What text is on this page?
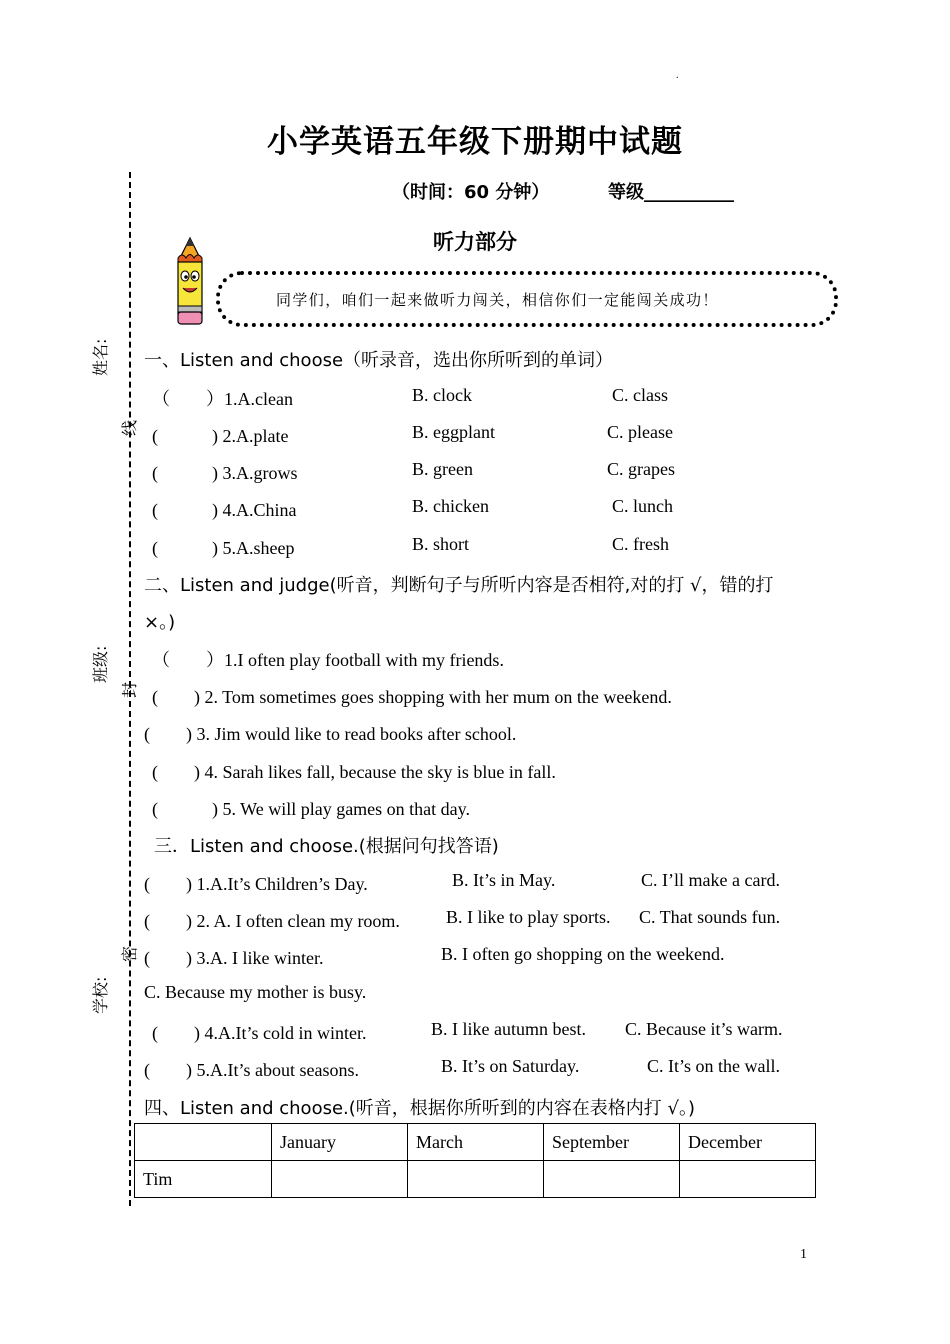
.
小学英语五年级下册期中试题
（时间：60 分钟）	等级__________
听力部分
同学们，咱们一起来做听力闯关，相信你们一定能闯关成功！
姓名:
线
班级:
封
密
学校:
一、Listen and choose（听录音，选出你所听到的单词）
（　　）1.A.clean	B. clock	C. class
(　　　) 2.A.plate	B. eggplant	C. please
(　　　) 3.A.grows	B. green	C. grapes
(　　　) 4.A.China	B. chicken	C. lunch
(　　　) 5.A.sheep	B. short	C. fresh
二、Listen and judge(听音，判断句子与所听内容是否相符,对的打 √，错的打
×。)
（　　）1.I often play football with my friends.
(　　) 2. Tom sometimes goes shopping with her mum on the weekend.
(　　) 3. Jim would like to read books after school.
(　　) 4. Sarah likes fall, because the sky is blue in fall.
(　　　) 5. We will play games on that day.
三．Listen and choose.(根据问句找答语)
(　　) 1.A.It’s Children’s Day.	B. It’s in May.	C. I’ll make a card.
(　　) 2. A. I often clean my room.	B. I like to play sports. C. That sounds fun.
(　　) 3.A. I like winter.	B. I often go shopping on the weekend.
C. Because my mother is busy.
(　　) 4.A.It’s cold in winter.	B. I like autumn best. C. Because it’s warm.
(　　) 5.A.It’s about seasons.	B. It’s on Saturday.	C. It’s on the wall.
四、Listen and choose.(听音，根据你所听到的内容在表格内打 √。)
	January	March	September	December
Tim				
1
